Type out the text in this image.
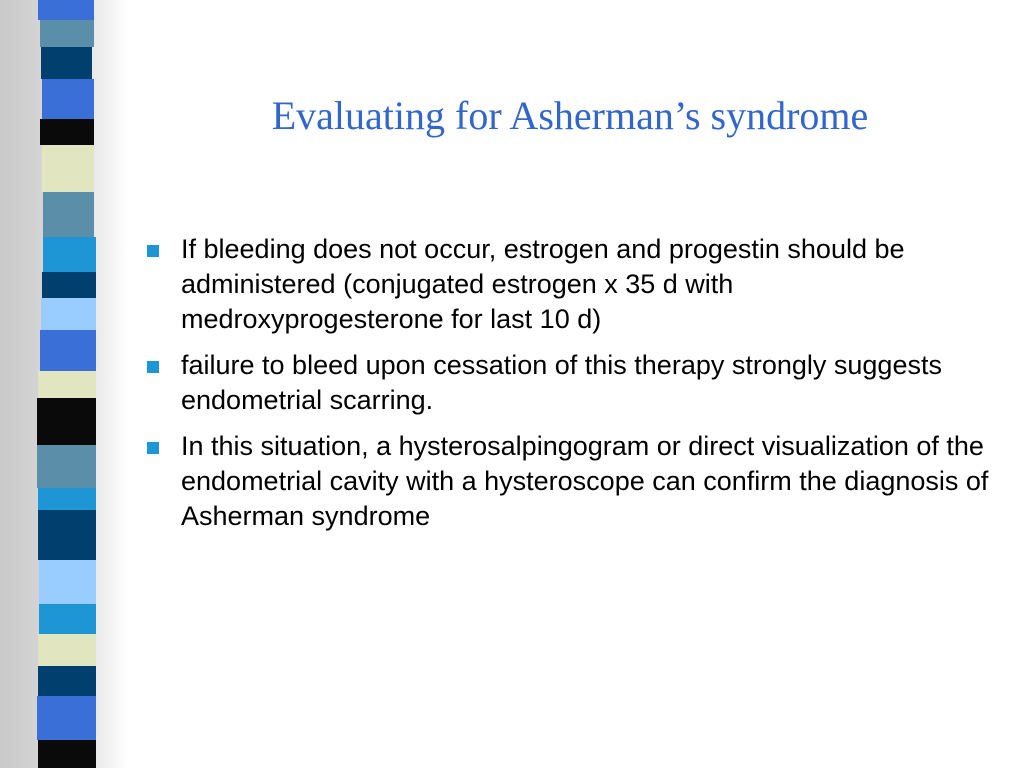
Evaluating for Asherman’s syndrome
If bleeding does not occur, estrogen and progestin should be administered (conjugated estrogen x 35 d with medroxyprogesterone for last 10 d)
failure to bleed upon cessation of this therapy strongly suggests endometrial scarring.
In this situation, a hysterosalpingogram or direct visualization of the endometrial cavity with a hysteroscope can confirm the diagnosis of Asherman syndrome
